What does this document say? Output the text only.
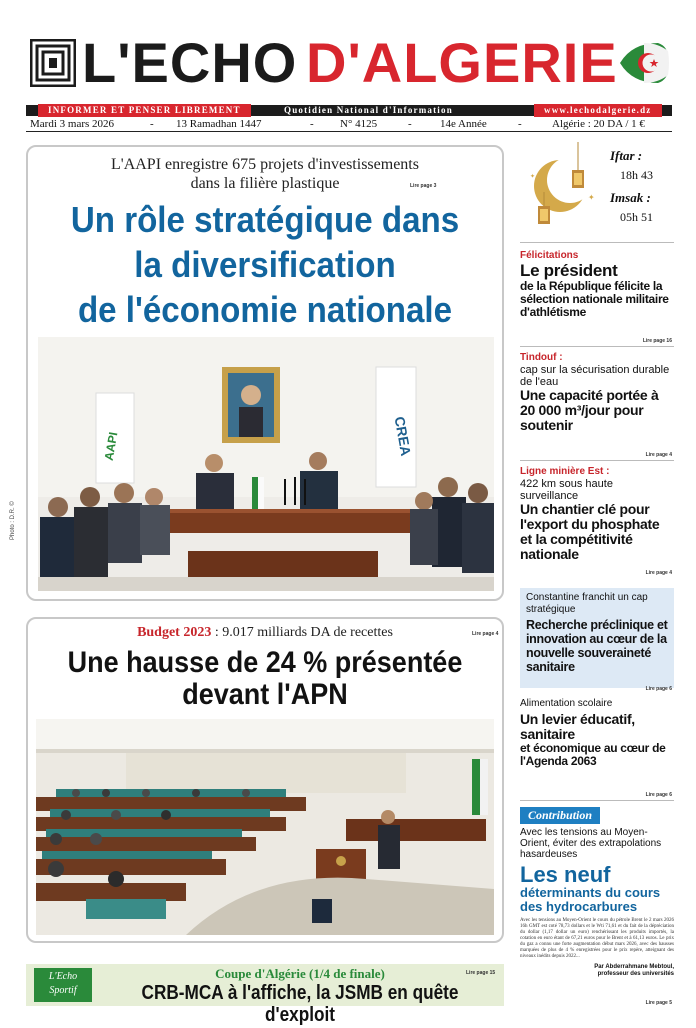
L'ECHO D'ALGERIE
INFORMER ET PENSER LIBREMENT	Quotidien National d'Information	www.lechodalgerie.dz
Mardi 3 mars 2026	- 13 Ramadhan 1447	- N° 4125	-	14e Année	-	Algérie : 20 DA / 1 €
L'AAPI enregistre 675 projets d'investissements dans la filière plastique	Lire page 3
Un rôle stratégique dans
la diversification
de l'économie nationale
AAPI	CREA
Photo : D.R. ©
Budget 2023 : 9.017 milliards DA de recettes	Lire page 4
Une hausse de 24 % présentée
devant l'APN
L'Echo
Sportif
Coupe d'Algérie (1/4 de finale)	Lire page 15
CRB-MCA à l'affiche, la JSMB en quête d'exploit
✦
✦
Iftar :
18h 43
Imsak :
05h 51
Félicitations
Le président
de la République félicite la sélection nationale militaire d'athlétisme
Lire page 16
Tindouf :
cap sur la sécurisation durable de l'eau
Une capacité portée à 20 000 m³/jour pour soutenir
Lire page 4
Ligne minière Est :
422 km sous haute surveillance
Un chantier clé pour l'export du phosphate et la compétitivité nationale
Lire page 4
Constantine franchit un cap stratégique
Recherche préclinique et innovation au cœur de la nouvelle souveraineté sanitaire
Lire page 6
Alimentation scolaire
Un levier éducatif, sanitaire
et économique au cœur de l'Agenda 2063
Lire page 6
Contribution
Avec les tensions au Moyen-Orient, éviter des extrapolations hasardeuses
Les neuf
déterminants du cours des hydrocarbures
Avec les tensions au Moyen-Orient le cours du pétrole Brent le 2 mars 2026 16h GMT est coté 78,73 dollars et le Wti 71,61 et du fait de la dépréciation du dollar (1,17 dollar un euro) renchérissant les produits importés, la cotation en euro étant de 67,21 euros pour le Brent et à 61,13 euros. Le prix du gaz a connu une forte augmentation début mars 2026, avec des hausses marquées de plus de 4 % enregistrées pour le prix repère, atteignant des niveaux inédits depuis 2022...
Par Abderrahmane Mebtoul,
professeur des universités
Lire page 5
